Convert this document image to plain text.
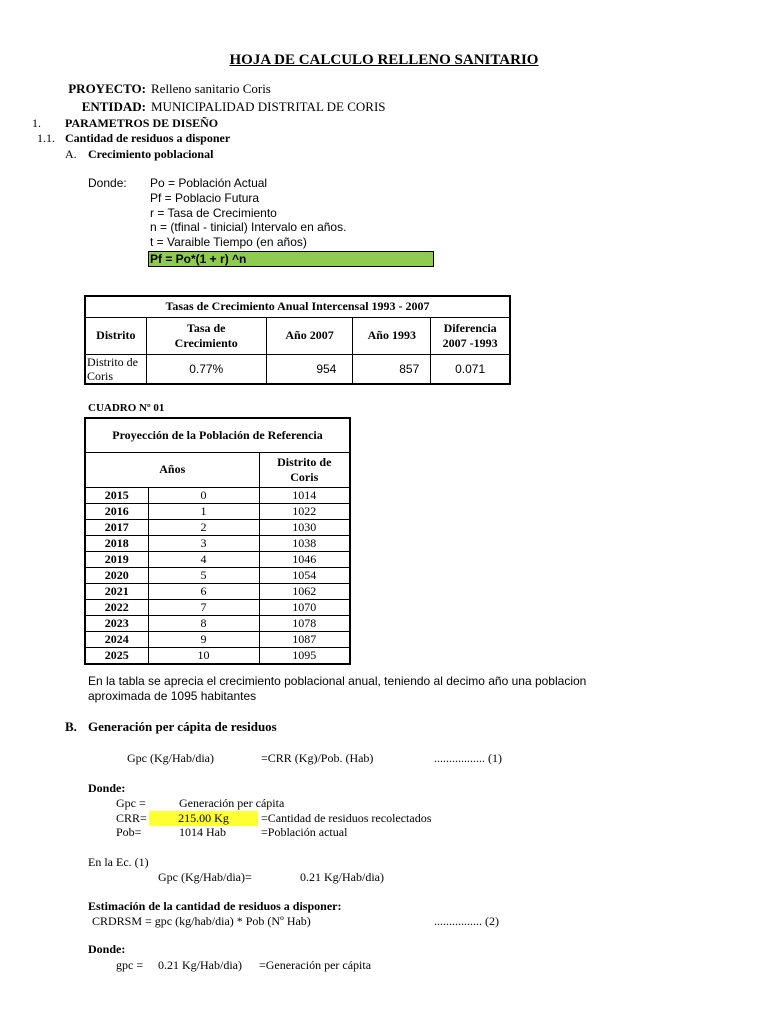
HOJA DE CALCULO RELLENO SANITARIO
PROYECTO: Relleno sanitario Coris
ENTIDAD: MUNICIPALIDAD DISTRITAL DE CORIS
1. PARAMETROS DE DISEÑO
1.1. Cantidad de residuos a disponer
A. Crecimiento poblacional
Donde: Po = Población Actual
Pf = Poblacio Futura
r = Tasa de Crecimiento
n = (tfinal - tinicial) Intervalo en años.
t = Varaible Tiempo (en años)
Pf = Po*(1 + r) ^n
Tasas de Crecimiento Anual Intercensal 1993 - 2007				
Distrito	Tasa de Crecimiento	Año 2007	Año 1993	Diferencia 2007 -1993
Distrito de Coris	0.77%	954	857	0.071
CUADRO Nº 01
Proyección de la Población de Referencia		
Años		Distrito de Coris
2015	0	1014
2016	1	1022
2017	2	1030
2018	3	1038
2019	4	1046
2020	5	1054
2021	6	1062
2022	7	1070
2023	8	1078
2024	9	1087
2025	10	1095
En la tabla se aprecia el crecimiento poblacional anual, teniendo al decimo año una poblacion
aproximada de 1095 habitantes
B. Generación per cápita de residuos
Gpc (Kg/Hab/dia)	=CRR (Kg)/Pob. (Hab)	................. (1)
Donde:
Gpc =	Generación per cápita
CRR=	215.00 Kg	=Cantidad de residuos recolectados
Pob=	1014 Hab	=Población actual
En la Ec. (1)
Gpc (Kg/Hab/dia)=	0.21 Kg/Hab/dia)
Estimación de la cantidad de residuos a disponer:
CRDRSM = gpc (kg/hab/dia) * Pob (Nº Hab)	................ (2)
Donde:
gpc = 0.21 Kg/Hab/dia) =Generación per cápita
